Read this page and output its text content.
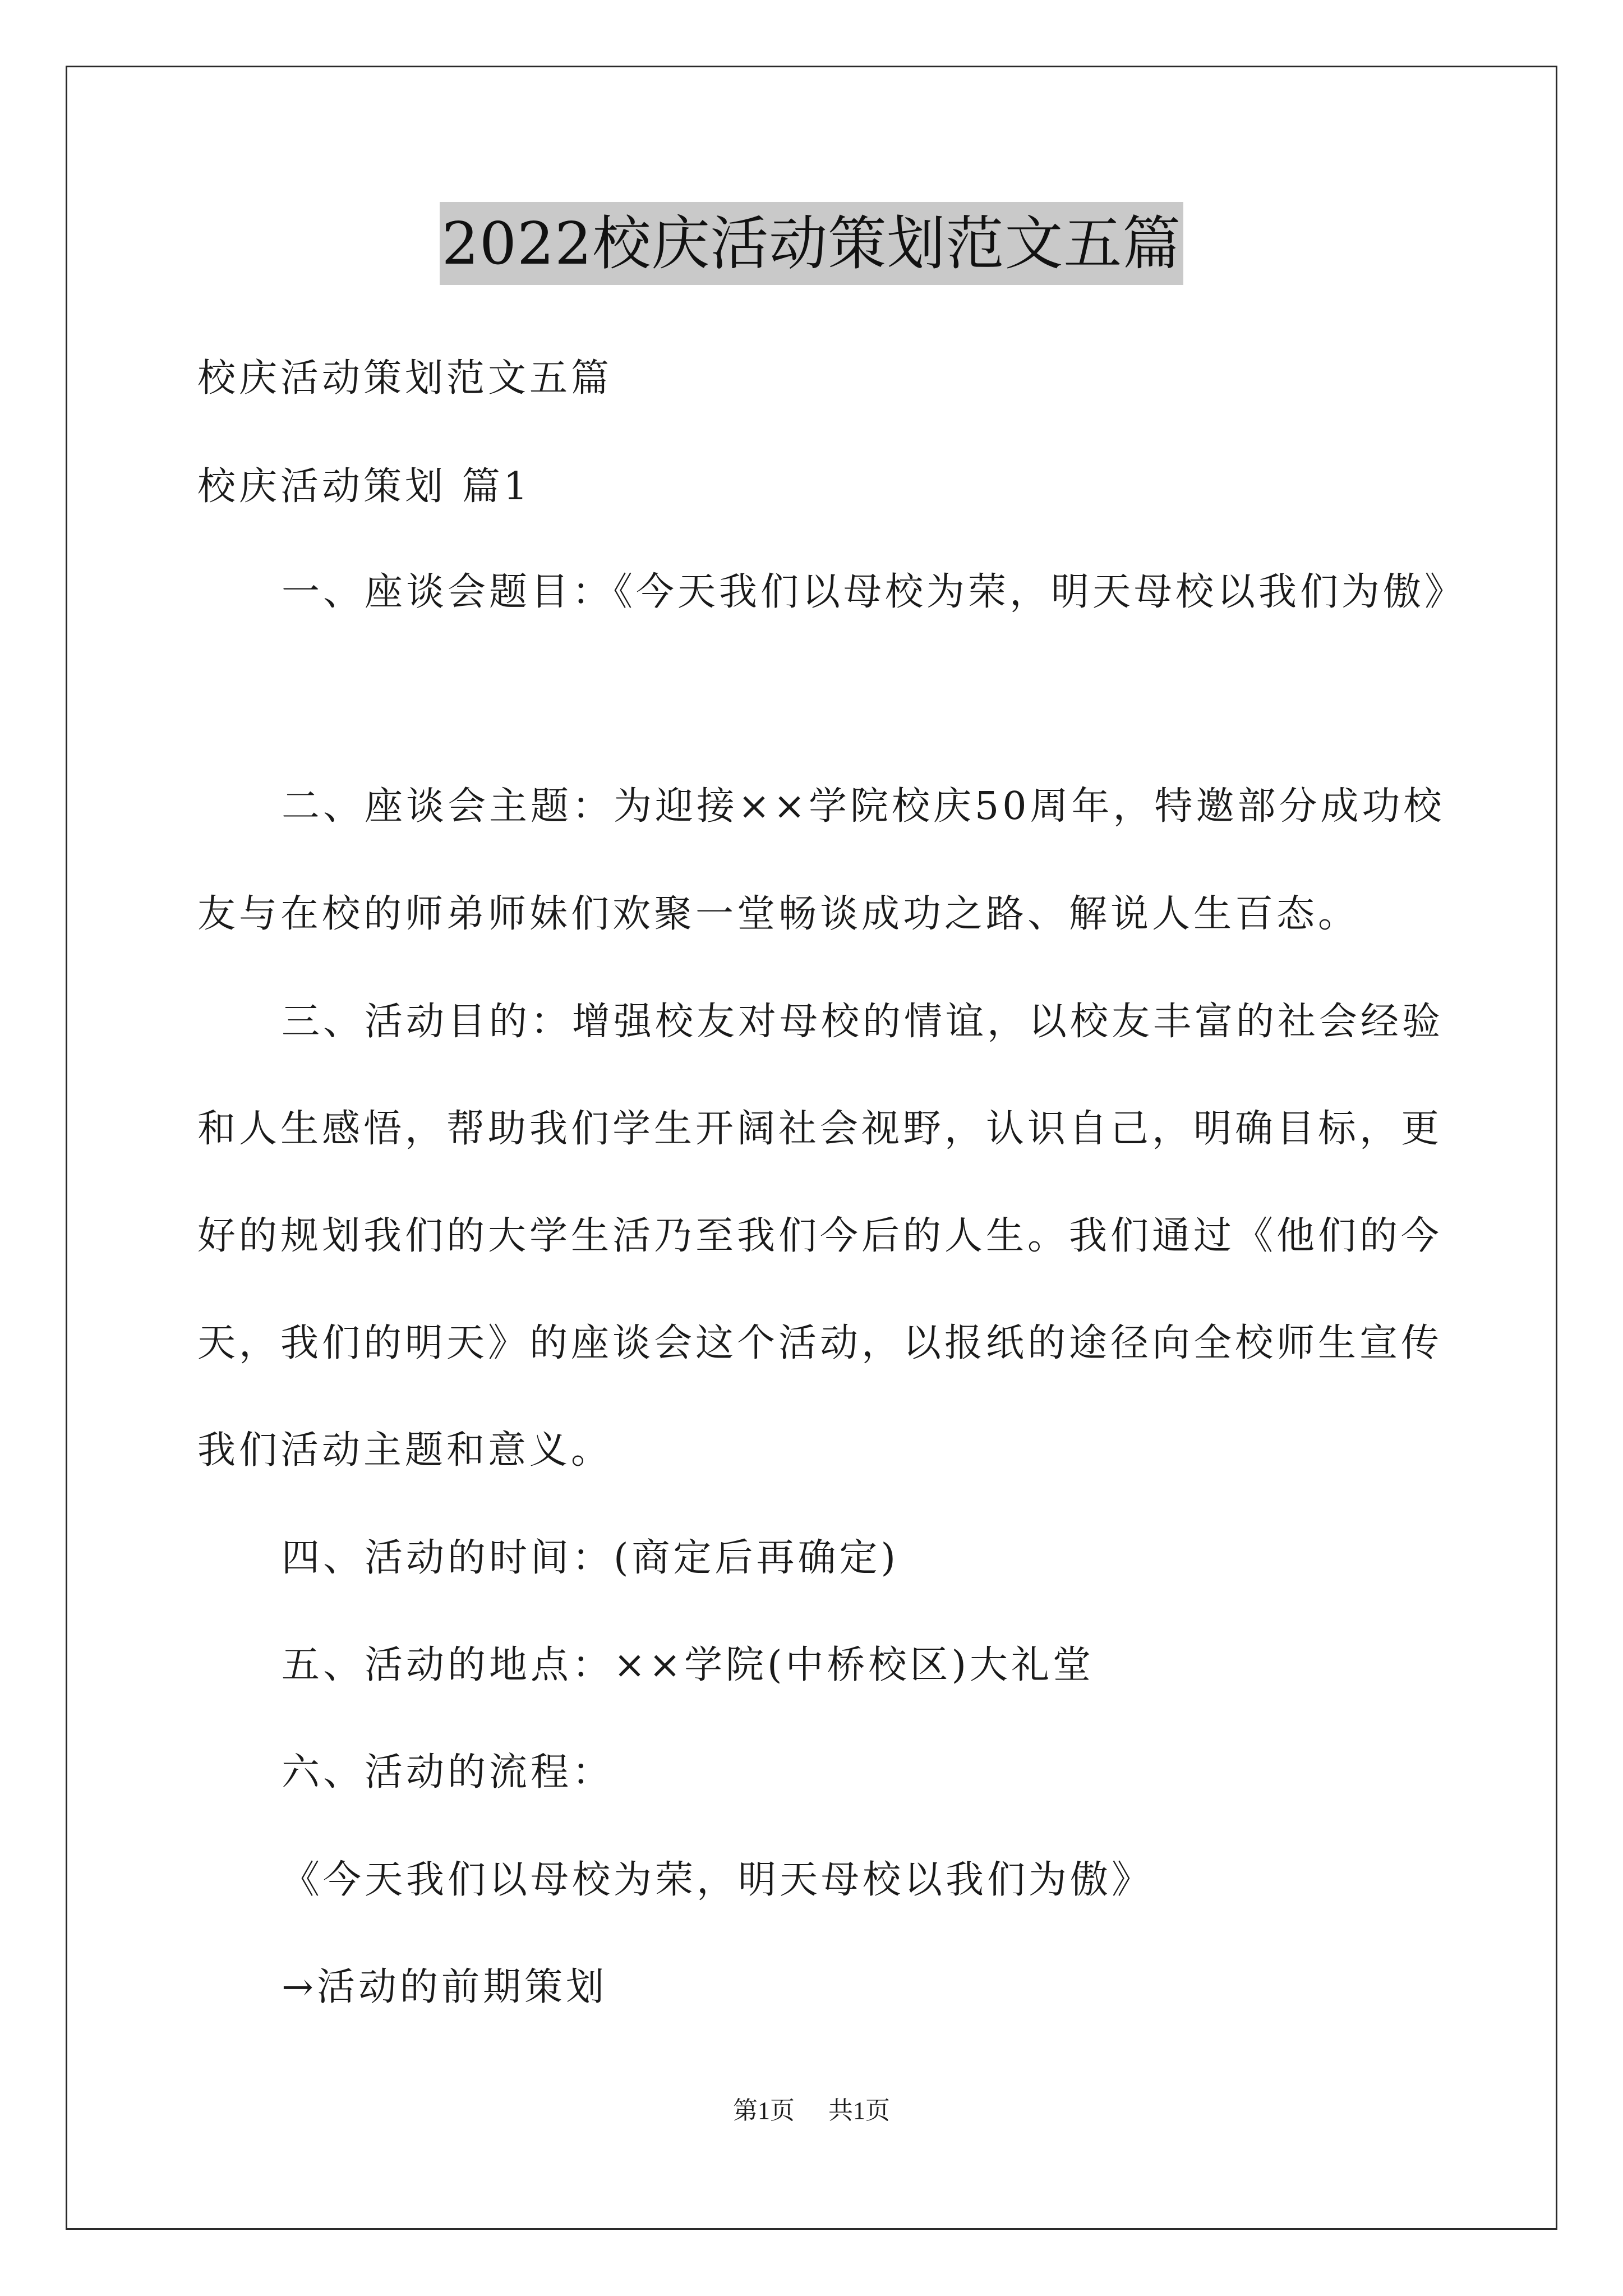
2022校庆活动策划范文五篇
校庆活动策划范文五篇
校庆活动策划 篇1
一、座谈会题目：《今天我们以母校为荣，明天母校以我们为傲》
二、座谈会主题：为迎接××学院校庆50周年，特邀部分成功校
友与在校的师弟师妹们欢聚一堂畅谈成功之路、解说人生百态。
三、活动目的：增强校友对母校的情谊，以校友丰富的社会经验
和人生感悟，帮助我们学生开阔社会视野，认识自己，明确目标，更
好的规划我们的大学生活乃至我们今后的人生。我们通过《他们的今
天，我们的明天》的座谈会这个活动，以报纸的途径向全校师生宣传
我们活动主题和意义。
四、活动的时间：(商定后再确定)
五、活动的地点：××学院(中桥校区)大礼堂
六、活动的流程：
《今天我们以母校为荣，明天母校以我们为傲》
→活动的前期策划
第1页 共1页
